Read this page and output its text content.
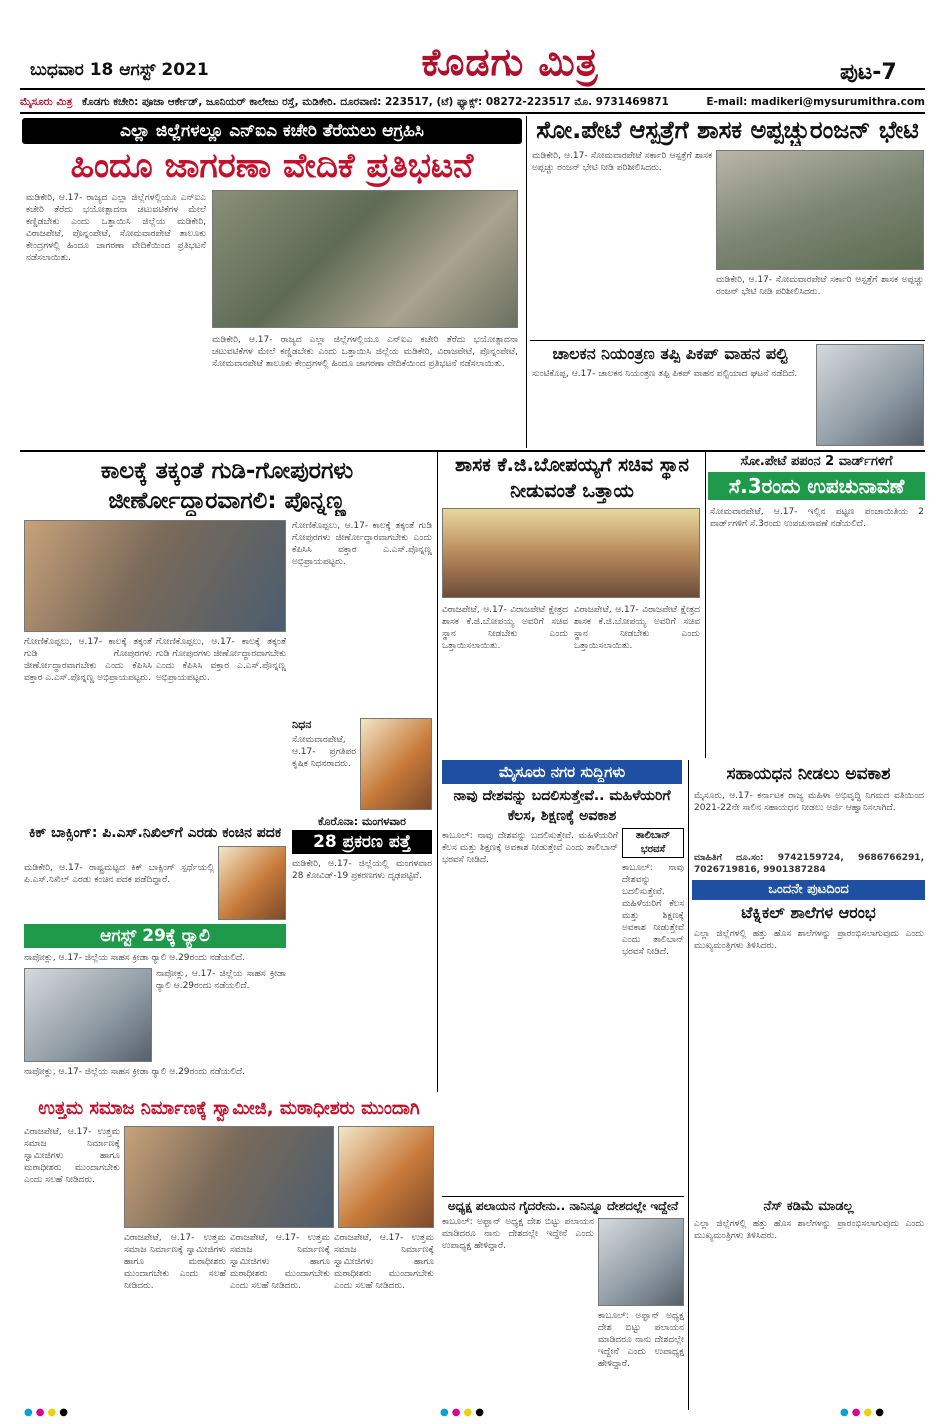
ಬುಧವಾರ 18 ಆಗಸ್ಟ್ 2021	ಕೊಡಗು ಮಿತ್ರ	ಪುಟ-7
ಮೈಸೂರು ಮಿತ್ರ ಕೊಡಗು ಕಚೇರಿ: ಪೂಜಾ ಆರ್ಕೇಡ್, ಜೂನಿಯರ್ ಕಾಲೇಜು ರಸ್ತೆ, ಮಡಿಕೇರಿ. ದೂರವಾಣಿ: 223517, (ಟೆ) ಫ್ಯಾಕ್ಸ್: 08272-223517 ಮೊ. 9731469871	E-mail: madikeri@mysurumithra.com
ಎಲ್ಲಾ ಜಿಲ್ಲೆಗಳಲ್ಲೂ ಎನ್‌ಐಎ ಕಚೇರಿ ತೆರೆಯಲು ಆಗ್ರಹಿಸಿ
ಹಿಂದೂ ಜಾಗರಣಾ ವೇದಿಕೆ ಪ್ರತಿಭಟನೆ
ಮಡಿಕೇರಿ, ಆ.17- ರಾಜ್ಯದ ಎಲ್ಲಾ ಜಿಲ್ಲೆಗಳಲ್ಲಿಯೂ ಎನ್‌ಐಎ ಕಚೇರಿ ತೆರೆದು ಭಯೋತ್ಪಾದನಾ ಚಟುವಟಿಕೆಗಳ ಮೇಲೆ ಕಣ್ಣಿಡಬೇಕು ಎಂದು ಒತ್ತಾಯಿಸಿ ಜಿಲ್ಲೆಯ ಮಡಿಕೇರಿ, ವಿರಾಜಪೇಟೆ, ಪೊನ್ನಂಪೇಟೆ, ಸೋಮವಾರಪೇಟೆ ತಾಲೂಕು ಕೇಂದ್ರಗಳಲ್ಲಿ ಹಿಂದೂ ಜಾಗರಣಾ ವೇದಿಕೆಯಿಂದ ಪ್ರತಿಭಟನೆ ನಡೆಸಲಾಯಿತು.
ಮಡಿಕೇರಿ, ಆ.17- ರಾಜ್ಯದ ಎಲ್ಲಾ ಜಿಲ್ಲೆಗಳಲ್ಲಿಯೂ ಎನ್‌ಐಎ ಕಚೇರಿ ತೆರೆದು ಭಯೋತ್ಪಾದನಾ ಚಟುವಟಿಕೆಗಳ ಮೇಲೆ ಕಣ್ಣಿಡಬೇಕು ಎಂದು ಒತ್ತಾಯಿಸಿ ಜಿಲ್ಲೆಯ ಮಡಿಕೇರಿ, ವಿರಾಜಪೇಟೆ, ಪೊನ್ನಂಪೇಟೆ, ಸೋಮವಾರಪೇಟೆ ತಾಲೂಕು ಕೇಂದ್ರಗಳಲ್ಲಿ ಹಿಂದೂ ಜಾಗರಣಾ ವೇದಿಕೆಯಿಂದ ಪ್ರತಿಭಟನೆ ನಡೆಸಲಾಯಿತು.
ಸೋ.ಪೇಟೆ ಆಸ್ಪತ್ರೆಗೆ ಶಾಸಕ ಅಪ್ಪಚ್ಚುರಂಜನ್ ಭೇಟಿ
ಮಡಿಕೇರಿ, ಆ.17- ಸೋಮವಾರಪೇಟೆ ಸರ್ಕಾರಿ ಆಸ್ಪತ್ರೆಗೆ ಶಾಸಕ ಅಪ್ಪಚ್ಚು ರಂಜನ್ ಭೇಟಿ ನೀಡಿ ಪರಿಶೀಲಿಸಿದರು.
ಮಡಿಕೇರಿ, ಆ.17- ಸೋಮವಾರಪೇಟೆ ಸರ್ಕಾರಿ ಆಸ್ಪತ್ರೆಗೆ ಶಾಸಕ ಅಪ್ಪಚ್ಚು ರಂಜನ್ ಭೇಟಿ ನೀಡಿ ಪರಿಶೀಲಿಸಿದರು.
ಚಾಲಕನ ನಿಯಂತ್ರಣ ತಪ್ಪಿ ಪಿಕಪ್ ವಾಹನ ಪಲ್ಟಿ
ಸುಂಟಿಕೊಪ್ಪ, ಆ.17- ಚಾಲಕನ ನಿಯಂತ್ರಣ ತಪ್ಪಿ ಪಿಕಪ್ ವಾಹನ ಪಲ್ಟಿಯಾದ ಘಟನೆ ನಡೆದಿದೆ.
ಕಾಲಕ್ಕೆ ತಕ್ಕಂತೆ ಗುಡಿ-ಗೋಪುರಗಳು ಜೀರ್ಣೋದ್ಧಾರವಾಗಲಿ: ಪೊನ್ನಣ್ಣ
ಗೋಣಿಕೊಪ್ಪಲು, ಆ.17- ಕಾಲಕ್ಕೆ ತಕ್ಕಂತೆ ಗುಡಿ ಗೋಪುರಗಳು ಜೀರ್ಣೋದ್ಧಾರವಾಗಬೇಕು ಎಂದು ಕೆಪಿಸಿಸಿ ವಕ್ತಾರ ಎ.ಎಸ್.ಪೊನ್ನಣ್ಣ ಅಭಿಪ್ರಾಯಪಟ್ಟರು.
ಗೋಣಿಕೊಪ್ಪಲು, ಆ.17- ಕಾಲಕ್ಕೆ ತಕ್ಕಂತೆ ಗುಡಿ ಗೋಪುರಗಳು ಜೀರ್ಣೋದ್ಧಾರವಾಗಬೇಕು ಎಂದು ಕೆಪಿಸಿಸಿ ವಕ್ತಾರ ಎ.ಎಸ್.ಪೊನ್ನಣ್ಣ ಅಭಿಪ್ರಾಯಪಟ್ಟರು.
ಗೋಣಿಕೊಪ್ಪಲು, ಆ.17- ಕಾಲಕ್ಕೆ ತಕ್ಕಂತೆ ಗುಡಿ ಗೋಪುರಗಳು ಜೀರ್ಣೋದ್ಧಾರವಾಗಬೇಕು ಎಂದು ಕೆಪಿಸಿಸಿ ವಕ್ತಾರ ಎ.ಎಸ್.ಪೊನ್ನಣ್ಣ ಅಭಿಪ್ರಾಯಪಟ್ಟರು.
ನಿಧನ
ಸೋಮವಾರಪೇಟೆ, ಆ.17- ಪ್ರಗತಿಪರ ಕೃಷಿಕ ನಿಧನರಾದರು.
ಶಾಸಕ ಕೆ.ಜಿ.ಬೋಪಯ್ಯಗೆ ಸಚಿವ ಸ್ಥಾನ ನೀಡುವಂತೆ ಒತ್ತಾಯ
ವಿರಾಜಪೇಟೆ, ಆ.17- ವಿರಾಜಪೇಟೆ ಕ್ಷೇತ್ರದ ಶಾಸಕ ಕೆ.ಜಿ.ಬೋಪಯ್ಯ ಅವರಿಗೆ ಸಚಿವ ಸ್ಥಾನ ನೀಡಬೇಕು ಎಂದು ಒತ್ತಾಯಿಸಲಾಯಿತು.
ವಿರಾಜಪೇಟೆ, ಆ.17- ವಿರಾಜಪೇಟೆ ಕ್ಷೇತ್ರದ ಶಾಸಕ ಕೆ.ಜಿ.ಬೋಪಯ್ಯ ಅವರಿಗೆ ಸಚಿವ ಸ್ಥಾನ ನೀಡಬೇಕು ಎಂದು ಒತ್ತಾಯಿಸಲಾಯಿತು.
ಸೋ.ಪೇಟೆ ಪಪಂನ 2 ವಾರ್ಡ್‌ಗಳಿಗೆ
ಸೆ.3ರಂದು ಉಪಚುನಾವಣೆ
ಸೋಮವಾರಪೇಟೆ, ಆ.17- ಇಲ್ಲಿನ ಪಟ್ಟಣ ಪಂಚಾಯಿತಿಯ 2 ವಾರ್ಡ್‌ಗಳಿಗೆ ಸೆ.3ರಂದು ಉಪಚುನಾವಣೆ ನಡೆಯಲಿದೆ.
ಕಿಕ್ ಬಾಕ್ಸಿಂಗ್: ಪಿ.ಎಸ್.ನಿಖಿಲ್‌ಗೆ ಎರಡು ಕಂಚಿನ ಪದಕ
ಮಡಿಕೇರಿ, ಆ.17- ರಾಷ್ಟ್ರಮಟ್ಟದ ಕಿಕ್ ಬಾಕ್ಸಿಂಗ್ ಸ್ಪರ್ಧೆಯಲ್ಲಿ ಪಿ.ಎಸ್.ನಿಖಿಲ್ ಎರಡು ಕಂಚಿನ ಪದಕ ಪಡೆದಿದ್ದಾರೆ.
ಕೊರೊನಾ: ಮಂಗಳವಾರ
28 ಪ್ರಕರಣ ಪತ್ತೆ
ಮಡಿಕೇರಿ, ಆ.17- ಜಿಲ್ಲೆಯಲ್ಲಿ ಮಂಗಳವಾರ 28 ಕೋವಿಡ್-19 ಪ್ರಕರಣಗಳು ದೃಢಪಟ್ಟಿವೆ.
ಆಗಸ್ಟ್ 29ಕ್ಕೆ ರ್‍ಯಾಲಿ
ನಾಪೋಕ್ಲು, ಆ.17- ಜಿಲ್ಲೆಯ ಸಾಹಸ ಕ್ರೀಡಾ ರ್‍ಯಾಲಿ ಆ.29ರಂದು ನಡೆಯಲಿದೆ.
ನಾಪೋಕ್ಲು, ಆ.17- ಜಿಲ್ಲೆಯ ಸಾಹಸ ಕ್ರೀಡಾ ರ್‍ಯಾಲಿ ಆ.29ರಂದು ನಡೆಯಲಿದೆ.
ನಾಪೋಕ್ಲು, ಆ.17- ಜಿಲ್ಲೆಯ ಸಾಹಸ ಕ್ರೀಡಾ ರ್‍ಯಾಲಿ ಆ.29ರಂದು ನಡೆಯಲಿದೆ.
ಮೈಸೂರು ನಗರ ಸುದ್ದಿಗಳು
ನಾವು ದೇಶವನ್ನು ಬದಲಿಸುತ್ತೇವೆ.. ಮಹಿಳೆಯರಿಗೆ ಕೆಲಸ, ಶಿಕ್ಷಣಕ್ಕೆ ಅವಕಾಶ
ತಾಲಿಬಾನ್ ಭರವಸೆ
ಕಾಬೂಲ್: ನಾವು ದೇಶವನ್ನು ಬದಲಿಸುತ್ತೇವೆ. ಮಹಿಳೆಯರಿಗೆ ಕೆಲಸ ಮತ್ತು ಶಿಕ್ಷಣಕ್ಕೆ ಅವಕಾಶ ನೀಡುತ್ತೇವೆ ಎಂದು ತಾಲಿಬಾನ್ ಭರವಸೆ ನೀಡಿದೆ.
ಕಾಬೂಲ್: ನಾವು ದೇಶವನ್ನು ಬದಲಿಸುತ್ತೇವೆ. ಮಹಿಳೆಯರಿಗೆ ಕೆಲಸ ಮತ್ತು ಶಿಕ್ಷಣಕ್ಕೆ ಅವಕಾಶ ನೀಡುತ್ತೇವೆ ಎಂದು ತಾಲಿಬಾನ್ ಭರವಸೆ ನೀಡಿದೆ.
ಸಹಾಯಧನ ನೀಡಲು ಅವಕಾಶ
ಮೈಸೂರು, ಆ.17- ಕರ್ನಾಟಕ ರಾಜ್ಯ ಮಹಿಳಾ ಅಭಿವೃದ್ಧಿ ನಿಗಮದ ವತಿಯಿಂದ 2021-22ನೇ ಸಾಲಿನ ಸಹಾಯಧನ ನೀಡಲು ಅರ್ಜಿ ಆಹ್ವಾನಿಸಲಾಗಿದೆ.
ಮಾಹಿತಿಗೆ ದೂ.ಸಂ: 9742159724, 9686766291, 7026719816, 9901387284
ಒಂದನೇ ಪುಟದಿಂದ
ಟೆಕ್ನಿಕಲ್ ಶಾಲೆಗಳ ಆರಂಭ
ಎಲ್ಲಾ ಜಿಲ್ಲೆಗಳಲ್ಲಿ ಹತ್ತು ಹೊಸ ಶಾಲೆಗಳನ್ನು ಪ್ರಾರಂಭಿಸಲಾಗುವುದು ಎಂದು ಮುಖ್ಯಮಂತ್ರಿಗಳು ತಿಳಿಸಿದರು.
ನೆಸ್ ಕಡಿಮೆ ಮಾಡಲ್ಲ
ಎಲ್ಲಾ ಜಿಲ್ಲೆಗಳಲ್ಲಿ ಹತ್ತು ಹೊಸ ಶಾಲೆಗಳನ್ನು ಪ್ರಾರಂಭಿಸಲಾಗುವುದು ಎಂದು ಮುಖ್ಯಮಂತ್ರಿಗಳು ತಿಳಿಸಿದರು.
ಉತ್ತಮ ಸಮಾಜ ನಿರ್ಮಾಣಕ್ಕೆ ಸ್ವಾಮೀಜಿ, ಮಠಾಧೀಶರು ಮುಂದಾಗಿ
ವಿರಾಜಪೇಟೆ, ಆ.17- ಉತ್ತಮ ಸಮಾಜ ನಿರ್ಮಾಣಕ್ಕೆ ಸ್ವಾಮೀಜಿಗಳು ಹಾಗೂ ಮಠಾಧೀಶರು ಮುಂದಾಗಬೇಕು ಎಂದು ಸಲಹೆ ನೀಡಿದರು.
ವಿರಾಜಪೇಟೆ, ಆ.17- ಉತ್ತಮ ಸಮಾಜ ನಿರ್ಮಾಣಕ್ಕೆ ಸ್ವಾಮೀಜಿಗಳು ಹಾಗೂ ಮಠಾಧೀಶರು ಮುಂದಾಗಬೇಕು ಎಂದು ಸಲಹೆ ನೀಡಿದರು.
ವಿರಾಜಪೇಟೆ, ಆ.17- ಉತ್ತಮ ಸಮಾಜ ನಿರ್ಮಾಣಕ್ಕೆ ಸ್ವಾಮೀಜಿಗಳು ಹಾಗೂ ಮಠಾಧೀಶರು ಮುಂದಾಗಬೇಕು ಎಂದು ಸಲಹೆ ನೀಡಿದರು.
ವಿರಾಜಪೇಟೆ, ಆ.17- ಉತ್ತಮ ಸಮಾಜ ನಿರ್ಮಾಣಕ್ಕೆ ಸ್ವಾಮೀಜಿಗಳು ಹಾಗೂ ಮಠಾಧೀಶರು ಮುಂದಾಗಬೇಕು ಎಂದು ಸಲಹೆ ನೀಡಿದರು.
ಅಧ್ಯಕ್ಷ ಪಲಾಯನ ಗೈದರೇನು.. ನಾನಿನ್ನೂ ದೇಶದಲ್ಲೇ ಇದ್ದೇನೆ
ಕಾಬೂಲ್: ಅಫ್ಘಾನ್ ಅಧ್ಯಕ್ಷ ದೇಶ ಬಿಟ್ಟು ಪಲಾಯನ ಮಾಡಿದರೂ ನಾನು ದೇಶದಲ್ಲೇ ಇದ್ದೇನೆ ಎಂದು ಉಪಾಧ್ಯಕ್ಷ ಹೇಳಿದ್ದಾರೆ.
ಕಾಬೂಲ್: ಅಫ್ಘಾನ್ ಅಧ್ಯಕ್ಷ ದೇಶ ಬಿಟ್ಟು ಪಲಾಯನ ಮಾಡಿದರೂ ನಾನು ದೇಶದಲ್ಲೇ ಇದ್ದೇನೆ ಎಂದು ಉಪಾಧ್ಯಕ್ಷ ಹೇಳಿದ್ದಾರೆ.
●●●●	●●●●	●●●●
